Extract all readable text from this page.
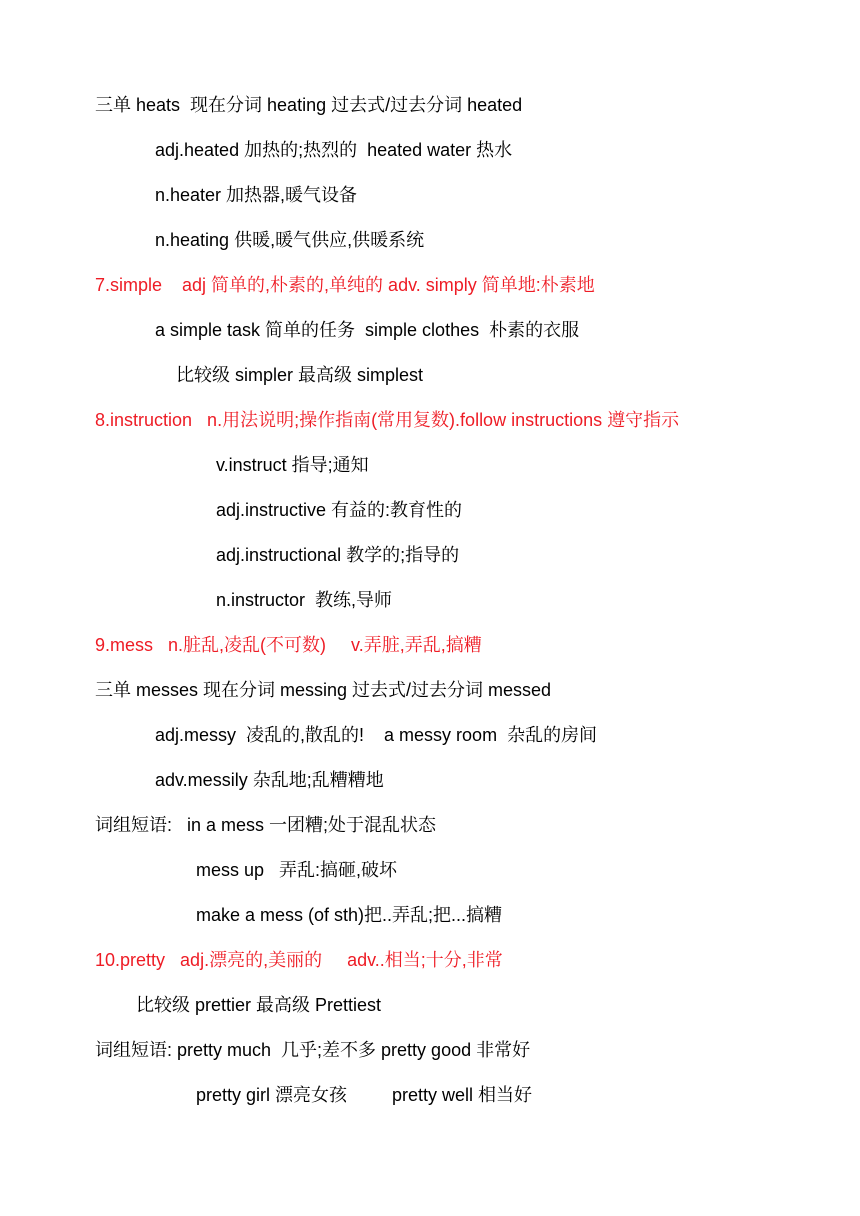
三单 heats  现在分词 heating 过去式/过去分词 heated
adj.heated 加热的;热烈的  heated water 热水
n.heater 加热器,暖气设备
n.heating 供暖,暖气供应,供暖系统
7.simple    adj 简单的,朴素的,单纯的 adv. simply 简单地:朴素地
a simple task 简单的任务  simple clothes  朴素的衣服
比较级 simpler 最高级 simplest
8.instruction   n.用法说明;操作指南(常用复数).follow instructions 遵守指示
v.instruct 指导;通知
adj.instructive 有益的:教育性的
adj.instructional 教学的;指导的
n.instructor  教练,导师
9.mess   n.脏乱,凌乱(不可数)     v.弄脏,弄乱,搞糟
三单 messes 现在分词 messing 过去式/过去分词 messed
adj.messy  凌乱的,散乱的!    a messy room  杂乱的房间
adv.messily 杂乱地;乱糟糟地
词组短语:   in a mess 一团糟;处于混乱状态
mess up   弄乱:搞砸,破坏
make a mess (of sth)把..弄乱;把...搞糟
10.pretty   adj.漂亮的,美丽的     adv..相当;十分,非常
比较级 prettier 最高级 Prettiest
词组短语: pretty much  几乎;差不多 pretty good 非常好
pretty girl 漂亮女孩         pretty well 相当好
